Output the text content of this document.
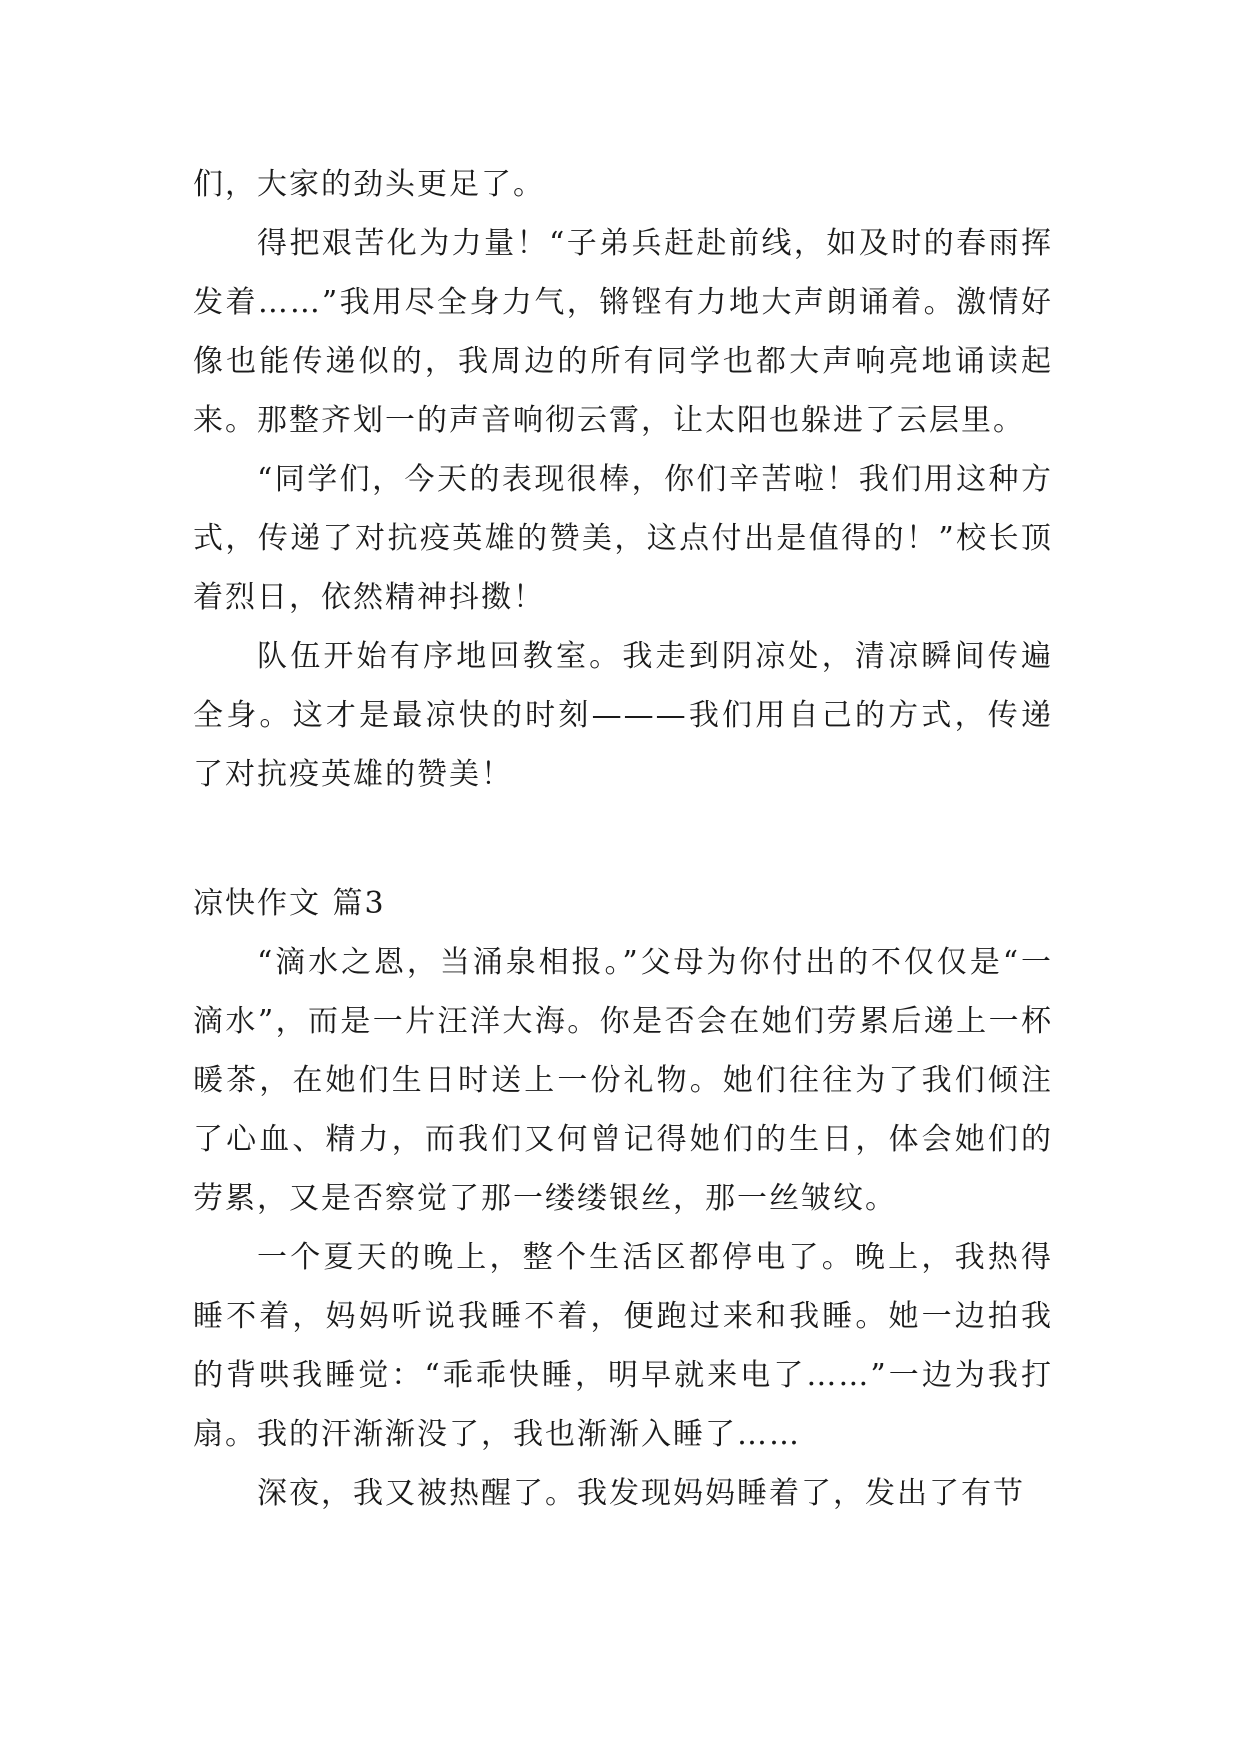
们，大家的劲头更足了。

得把艰苦化为力量！“子弟兵赶赴前线，如及时的春雨挥发着……”我用尽全身力气，锵铿有力地大声朗诵着。激情好像也能传递似的，我周边的所有同学也都大声响亮地诵读起来。那整齐划一的声音响彻云霄，让太阳也躲进了云层里。

“同学们，今天的表现很棒，你们辛苦啦！我们用这种方式，传递了对抗疫英雄的赞美，这点付出是值得的！”校长顶着烈日，依然精神抖擞！

队伍开始有序地回教室。我走到阴凉处，清凉瞬间传遍全身。这才是最凉快的时刻———我们用自己的方式，传递了对抗疫英雄的赞美！

凉快作文 篇3

“滴水之恩，当涌泉相报。”父母为你付出的不仅仅是“一滴水”，而是一片汪洋大海。你是否会在她们劳累后递上一杯暖茶，在她们生日时送上一份礼物。她们往往为了我们倾注了心血、精力，而我们又何曾记得她们的生日，体会她们的劳累，又是否察觉了那一缕缕银丝，那一丝皱纹。

一个夏天的晚上，整个生活区都停电了。晚上，我热得睡不着，妈妈听说我睡不着，便跑过来和我睡。她一边拍我的背哄我睡觉：“乖乖快睡，明早就来电了……”一边为我打扇。我的汗渐渐没了，我也渐渐入睡了……

深夜，我又被热醒了。我发现妈妈睡着了，发出了有节
